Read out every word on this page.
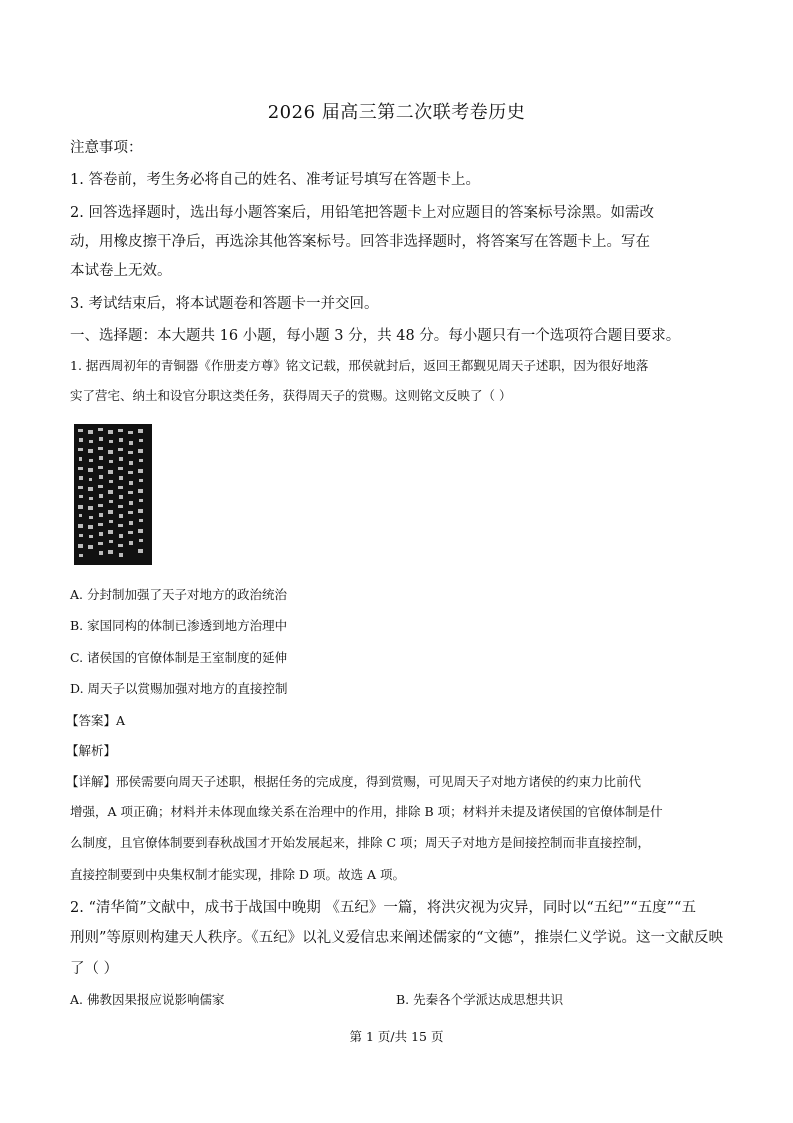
2026 届高三第二次联考卷历史
注意事项：
1. 答卷前，考生务必将自己的姓名、准考证号填写在答题卡上。
2. 回答选择题时，选出每小题答案后，用铅笔把答题卡上对应题目的答案标号涂黑。如需改
动，用橡皮擦干净后，再选涂其他答案标号。回答非选择题时，将答案写在答题卡上。写在
本试卷上无效。
3. 考试结束后，将本试题卷和答题卡一并交回。
一、选择题：本大题共 16 小题，每小题 3 分，共 48 分。每小题只有一个选项符合题目要求。
1. 据西周初年的青铜器《作册麦方尊》铭文记载，邢侯就封后，返回王都觐见周天子述职，因为很好地落
实了营宅、纳土和设官分职这类任务，获得周天子的赏赐。这则铭文反映了（ ）
A. 分封制加强了天子对地方的政治统治
B. 家国同构的体制已渗透到地方治理中
C. 诸侯国的官僚体制是王室制度的延伸
D. 周天子以赏赐加强对地方的直接控制
【答案】A
【解析】
【详解】邢侯需要向周天子述职，根据任务的完成度，得到赏赐，可见周天子对地方诸侯的约束力比前代
增强，A 项正确；材料并未体现血缘关系在治理中的作用，排除 B 项；材料并未提及诸侯国的官僚体制是什
么制度，且官僚体制要到春秋战国才开始发展起来，排除 C 项；周天子对地方是间接控制而非直接控制，
直接控制要到中央集权制才能实现，排除 D 项。故选 A 项。
2. “清华简”文献中，成书于战国中晚期 《五纪》一篇，将洪灾视为灾异，同时以“五纪”“五度”“五
刑则”等原则构建天人秩序。《五纪》以礼义爱信忠来阐述儒家的“文德”，推崇仁义学说。这一文献反映
了（ ）
A. 佛教因果报应说影响儒家	B. 先秦各个学派达成思想共识
第 1 页/共 15 页
